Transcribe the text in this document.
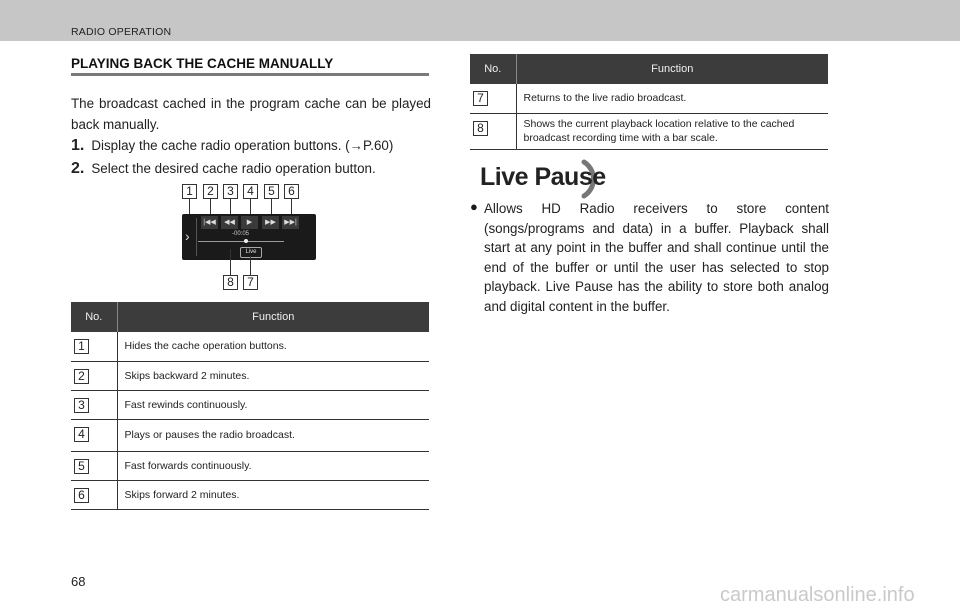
RADIO OPERATION
PLAYING BACK THE CACHE MANUALLY
The broadcast cached in the program cache can be played back manually.
1. Display the cache radio operation buttons. (→P.60)
2. Select the desired cache radio operation button.
1	2	3	4	5	6
›
|◀◀	◀◀	▶	▶▶	▶▶|
-00:05
Live
8	7
No.	Function
1	Hides the cache operation buttons.
2	Skips backward 2 minutes.
3	Fast rewinds continuously.
4	Plays or pauses the radio broadcast.
5	Fast forwards continuously.
6	Skips forward 2 minutes.
No.	Function
7	Returns to the live radio broadcast.
8	Shows the current playback location relative to the cached broadcast recording time with a bar scale.
Live Pause
● Allows HD Radio receivers to store content (songs/programs and data) in a buffer. Playback shall start at any point in the buffer and shall continue until the end of the buffer or until the user has selected to stop playback. Live Pause has the ability to store both analog and digital content in the buffer.
68
carmanualsonline.info
